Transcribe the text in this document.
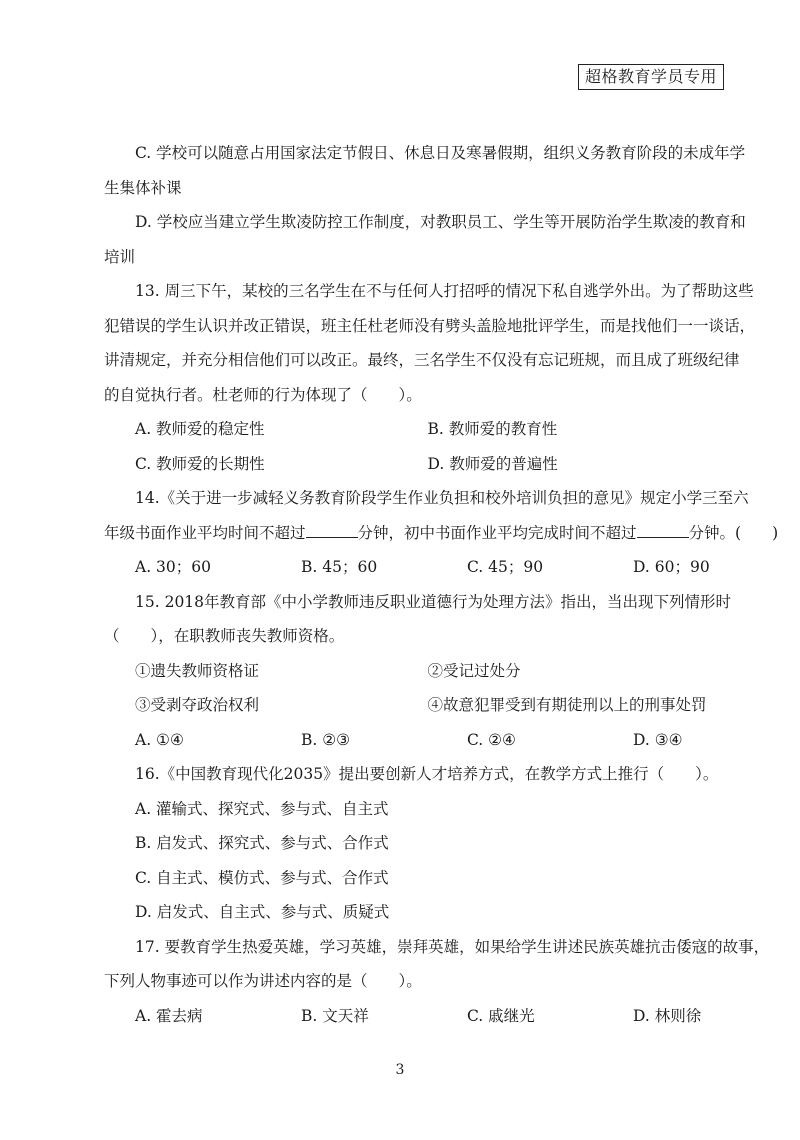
超格教育学员专用
C. 学校可以随意占用国家法定节假日、休息日及寒暑假期，组织义务教育阶段的未成年学
生集体补课
D. 学校应当建立学生欺凌防控工作制度，对教职员工、学生等开展防治学生欺凌的教育和
培训
13. 周三下午，某校的三名学生在不与任何人打招呼的情况下私自逃学外出。为了帮助这些
犯错误的学生认识并改正错误，班主任杜老师没有劈头盖脸地批评学生，而是找他们一一谈话，
讲清规定，并充分相信他们可以改正。最终，三名学生不仅没有忘记班规，而且成了班级纪律
的自觉执行者。杜老师的行为体现了（　　）。
A. 教师爱的稳定性	B. 教师爱的教育性
C. 教师爱的长期性	D. 教师爱的普遍性
14.《关于进一步减轻义务教育阶段学生作业负担和校外培训负担的意见》规定小学三至六
年级书面作业平均时间不超过	分钟，初中书面作业平均完成时间不超过	分钟。(　　)
A. 30；60	B. 45；60	C. 45；90	D. 60；90
15. 2018年教育部《中小学教师违反职业道德行为处理方法》指出，当出现下列情形时
（　　），在职教师丧失教师资格。
①遗失教师资格证	②受记过处分
③受剥夺政治权利	④故意犯罪受到有期徒刑以上的刑事处罚
A. ①④	B. ②③	C. ②④	D. ③④
16.《中国教育现代化2035》提出要创新人才培养方式，在教学方式上推行（　　）。
A. 灌输式、探究式、参与式、自主式
B. 启发式、探究式、参与式、合作式
C. 自主式、模仿式、参与式、合作式
D. 启发式、自主式、参与式、质疑式
17. 要教育学生热爱英雄，学习英雄，崇拜英雄，如果给学生讲述民族英雄抗击倭寇的故事，
下列人物事迹可以作为讲述内容的是（　　）。
A. 霍去病	B. 文天祥	C. 戚继光	D. 林则徐
3
